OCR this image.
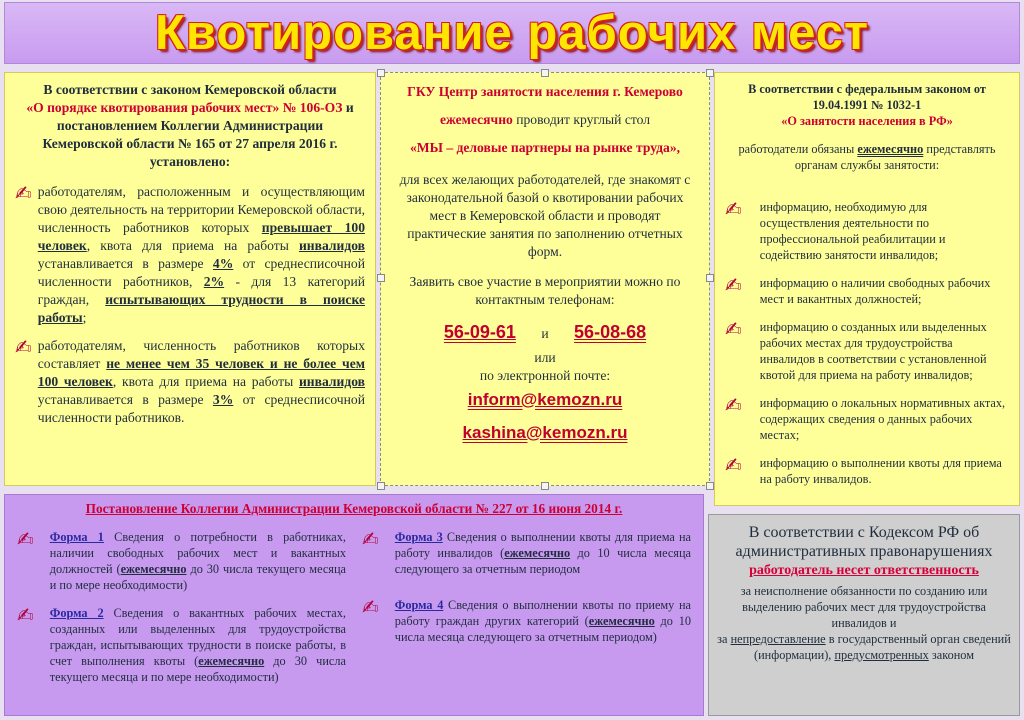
Квотирование рабочих мест

В соответствии с законом Кемеровской области
«О порядке квотирования рабочих мест» № 106-ОЗ и
постановлением Коллегии Администрации Кемеровской области № 165 от 27 апреля 2016 г. установлено:

✍ работодателям, расположенным и осуществляющим свою деятельность на территории Кемеровской области, численность работников которых превышает 100 человек, квота для приема на работы инвалидов устанавливается в размере 4% от среднесписочной численности работников, 2% - для 13 категорий граждан, испытывающих трудности в поиске работы;

✍ работодателям, численность работников которых составляет не менее чем 35 человек и не более чем 100 человек, квота для приема на работы инвалидов устанавливается в размере 3% от среднесписочной численности работников.

ГКУ Центр занятости населения г. Кемерово

ежемесячно проводит круглый стол

«МЫ – деловые партнеры на рынке труда»,

для всех желающих работодателей, где знакомят с законодательной базой о квотировании рабочих мест в Кемеровской области и проводят практические занятия по заполнению отчетных форм.

Заявить свое участие в мероприятии можно по контактным телефонам:

56-09-61 и 56-08-68

или

по электронной почте:

inform@kemozn.ru

kashina@kemozn.ru

В соответствии с федеральным законом от 19.04.1991 № 1032-1

«О занятости населения в РФ»

работодатели обязаны ежемесячно представлять органам службы занятости:

✍	информацию, необходимую для осуществления деятельности по профессиональной реабилитации и содействию занятости инвалидов;

✍	информацию о наличии свободных рабочих мест и вакантных должностей;

✍	информацию о созданных или выделенных рабочих местах для трудоустройства инвалидов в соответствии с установленной квотой для приема на работу инвалидов;

✍	информацию о локальных нормативных актах, содержащих сведения о данных рабочих местах;

✍	информацию о выполнении квоты для приема на работу инвалидов.

Постановление Коллегии Администрации Кемеровской области № 227 от 16 июня 2014 г.

✍	Форма 1 Сведения о потребности в работниках, наличии свободных рабочих мест и вакантных должностей (ежемесячно до 30 числа текущего месяца и по мере необходимости)

✍	Форма 2 Сведения о вакантных рабочих местах, созданных или выделенных для трудоустройства граждан, испытывающих трудности в поиске работы, в счет выполнения квоты (ежемесячно до 30 числа текущего месяца и по мере необходимости)

✍	Форма 3 Сведения о выполнении квоты для приема на работу инвалидов (ежемесячно до 10 числа месяца следующего за отчетным периодом

✍	Форма 4 Сведения о выполнении квоты по приему на работу граждан других категорий (ежемесячно до 10 числа месяца следующего за отчетным периодом)

В соответствии с Кодексом РФ об административных правонарушениях

работодатель несет ответственность

за неисполнение обязанности по созданию или выделению рабочих мест для трудоустройства инвалидов и

за непредоставление в государственный орган сведений

(информации), предусмотренных законом
